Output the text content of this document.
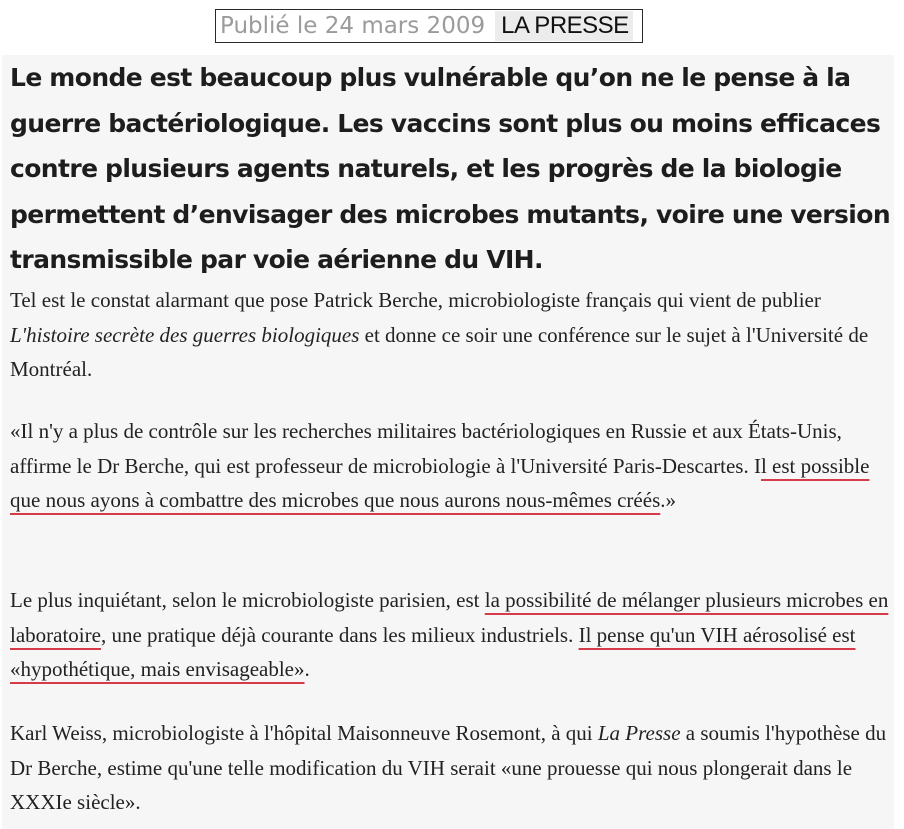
Publié le 24 mars 2009 LA PRESSE

Le monde est beaucoup plus vulnérable qu’on ne le pense à la guerre bactériologique. Les vaccins sont plus ou moins efficaces contre plusieurs agents naturels, et les progrès de la biologie permettent d’envisager des microbes mutants, voire une version transmissible par voie aérienne du VIH.

Tel est le constat alarmant que pose Patrick Berche, microbiologiste français qui vient de publier L'histoire secrète des guerres biologiques et donne ce soir une conférence sur le sujet à l'Université de Montréal.

«Il n'y a plus de contrôle sur les recherches militaires bactériologiques en Russie et aux États-Unis, affirme le Dr Berche, qui est professeur de microbiologie à l'Université Paris-Descartes. Il est possible que nous ayons à combattre des microbes que nous aurons nous-mêmes créés.»

Le plus inquiétant, selon le microbiologiste parisien, est la possibilité de mélanger plusieurs microbes en laboratoire, une pratique déjà courante dans les milieux industriels. Il pense qu'un VIH aérosolisé est «hypothétique, mais envisageable».

Karl Weiss, microbiologiste à l'hôpital Maisonneuve Rosemont, à qui La Presse a soumis l'hypothèse du Dr Berche, estime qu'une telle modification du VIH serait «une prouesse qui nous plongerait dans le XXXIe siècle».
